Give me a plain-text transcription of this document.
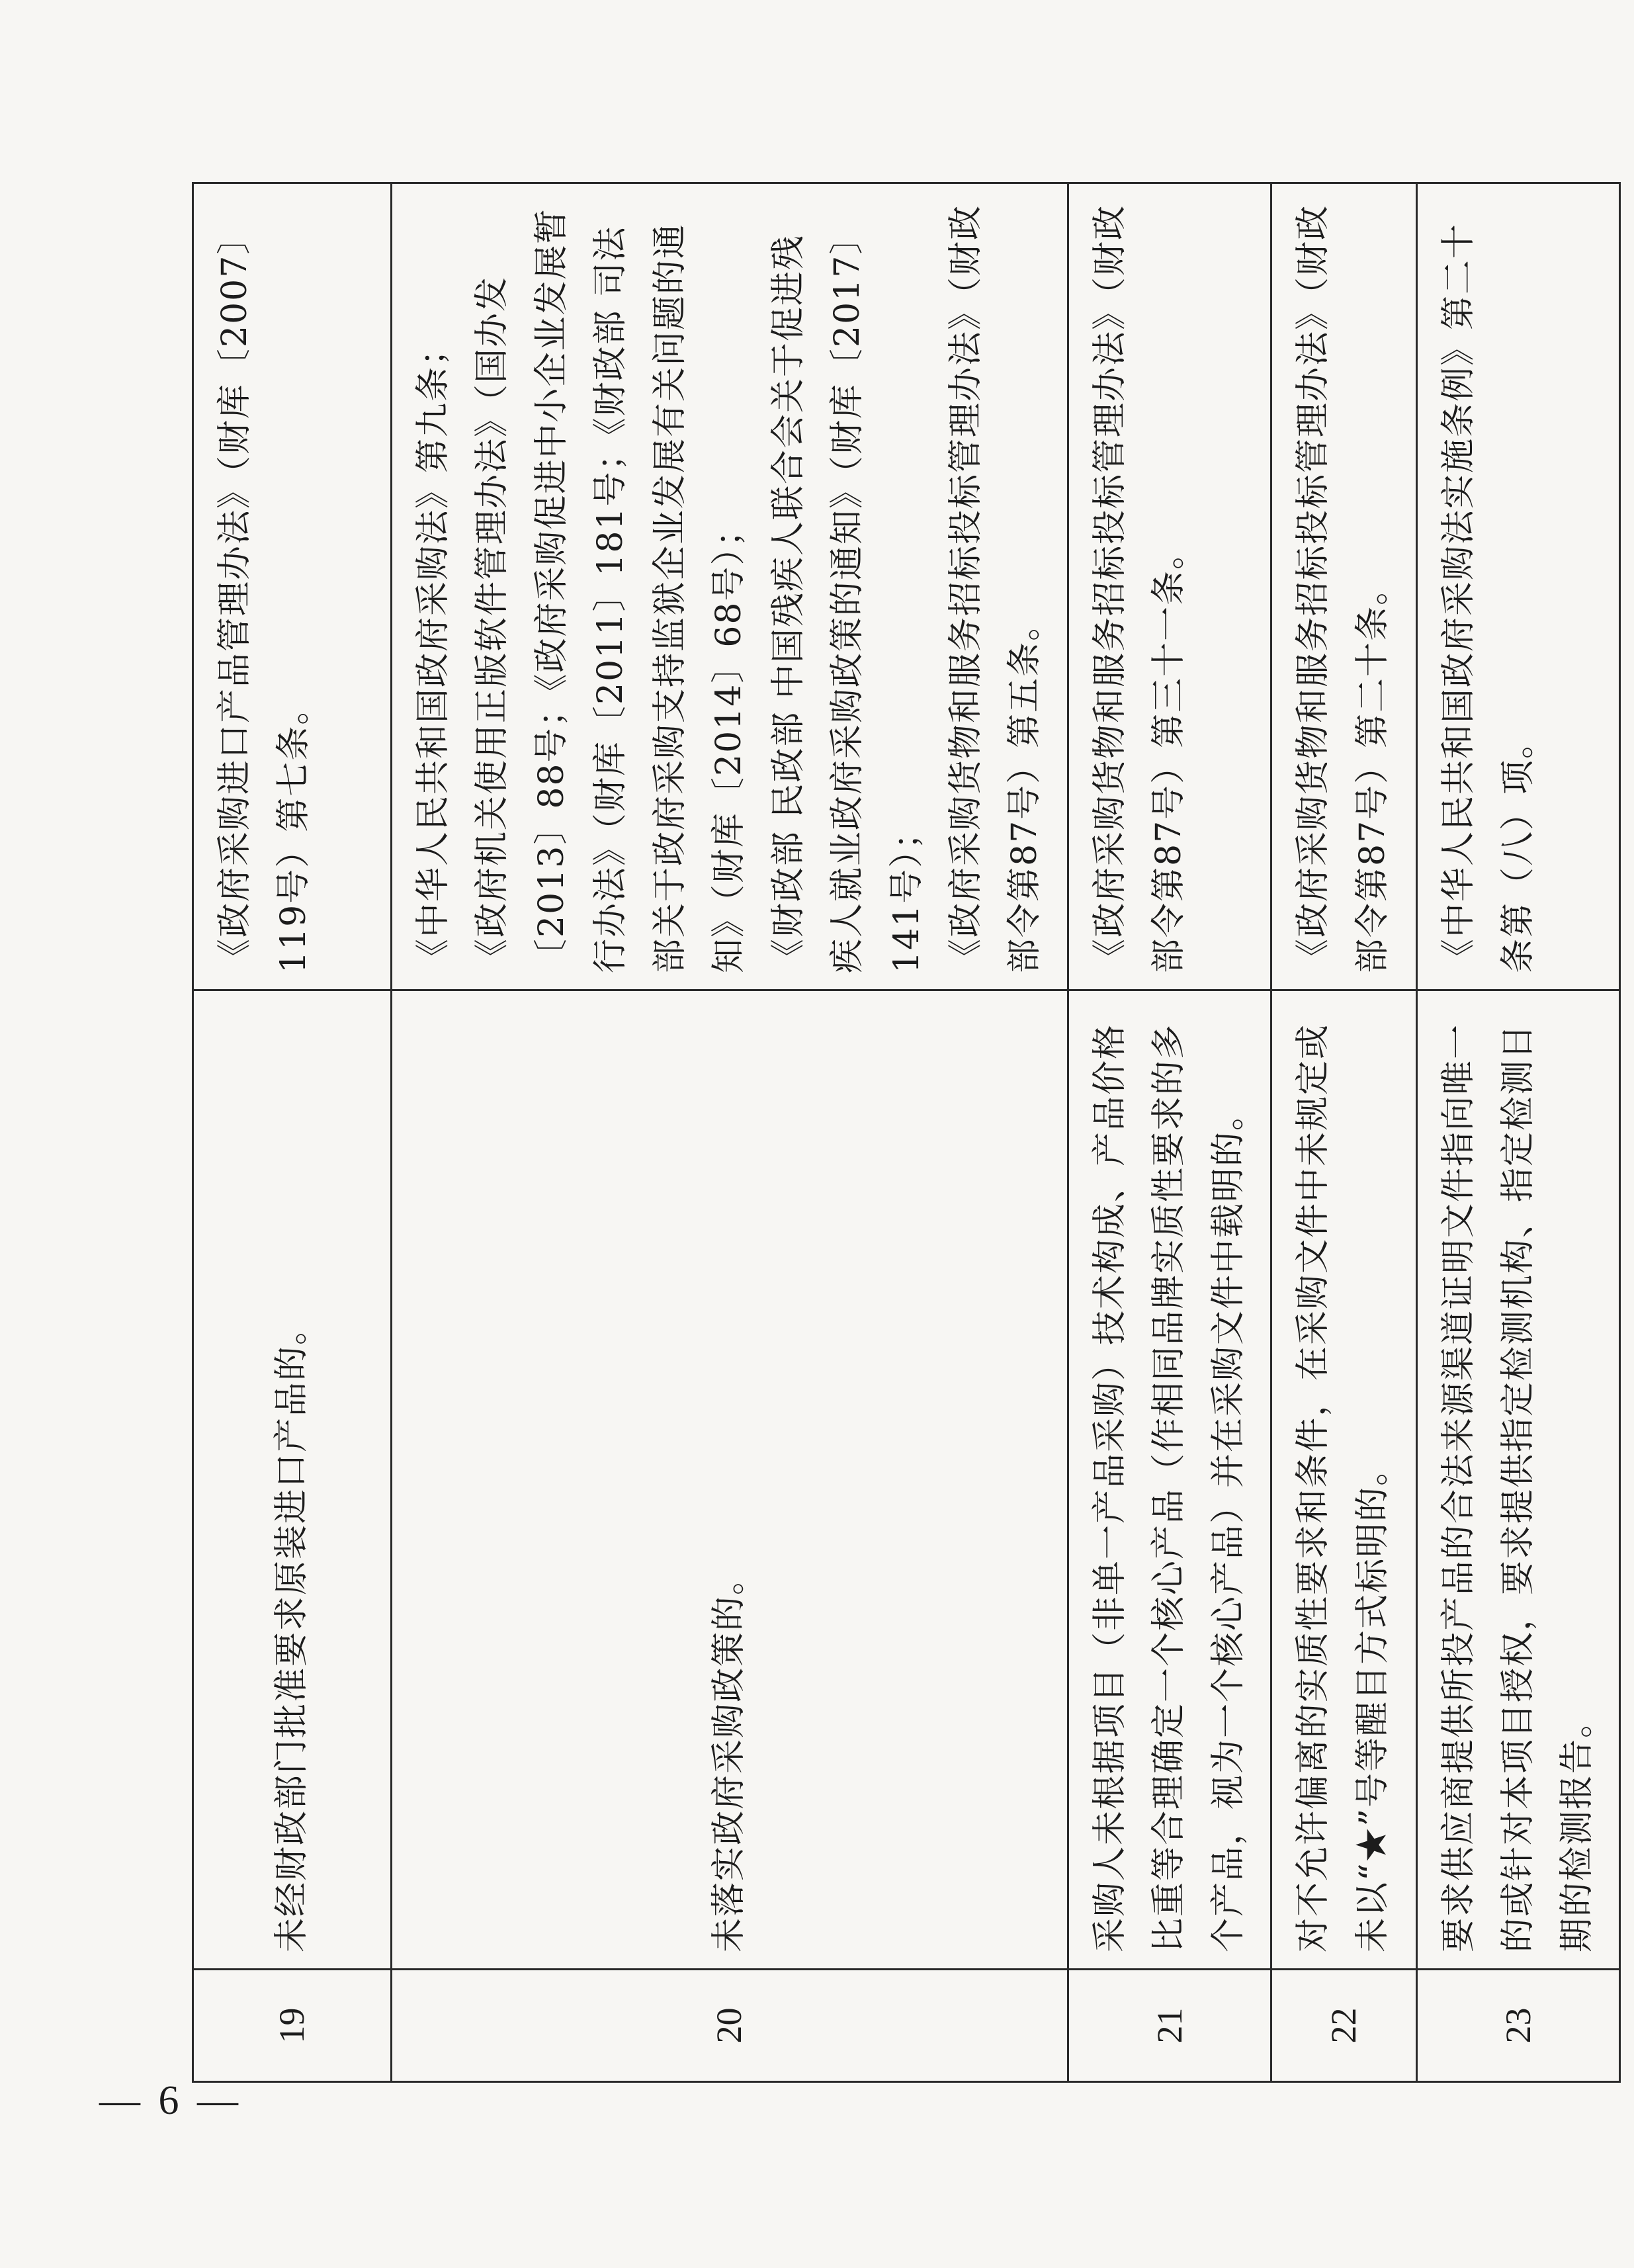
19	未经财政部门批准要求原装进口产品的。	《政府采购进口产品管理办法》（财库〔2007〕119号）第七条。

20	未落实政府采购政策的。	《中华人民共和国政府采购法》第九条； 《政府机关使用正版软件管理办法》（国办发〔2013〕88号；《政府采购促进中小企业发展暂行办法》（财库〔2011〕181号；《财政部 司法部关于政府采购支持监狱企业发展有关问题的通知》（财库〔2014〕68号）； 《财政部 民政部 中国残疾人联合会关于促进残疾人就业政府采购政策的通知》（财库〔2017〕141号）； 《政府采购货物和服务招标投标管理办法》（财政部令第87号）第五条。

21	采购人未根据项目（非单一产品采购）技术构成、产品价格比重等合理确定一个核心产品（作相同品牌实质性要求的多个产品，视为一个核心产品）并在采购文件中载明的。	《政府采购货物和服务招标投标管理办法》（财政部令第87号）第三十一条。

22	对不允许偏离的实质性要求和条件，在采购文件中未规定或未以“★”号等醒目方式标明的。	《政府采购货物和服务招标投标管理办法》（财政部令第87号）第二十条。

23	要求供应商提供所投产品的合法来源渠道证明文件指向唯一的或针对本项目授权，要求提供指定检测机构、指定检测日期的检测报告。	《中华人民共和国政府采购法实施条例》第二十条第（八）项。
— 6 —
